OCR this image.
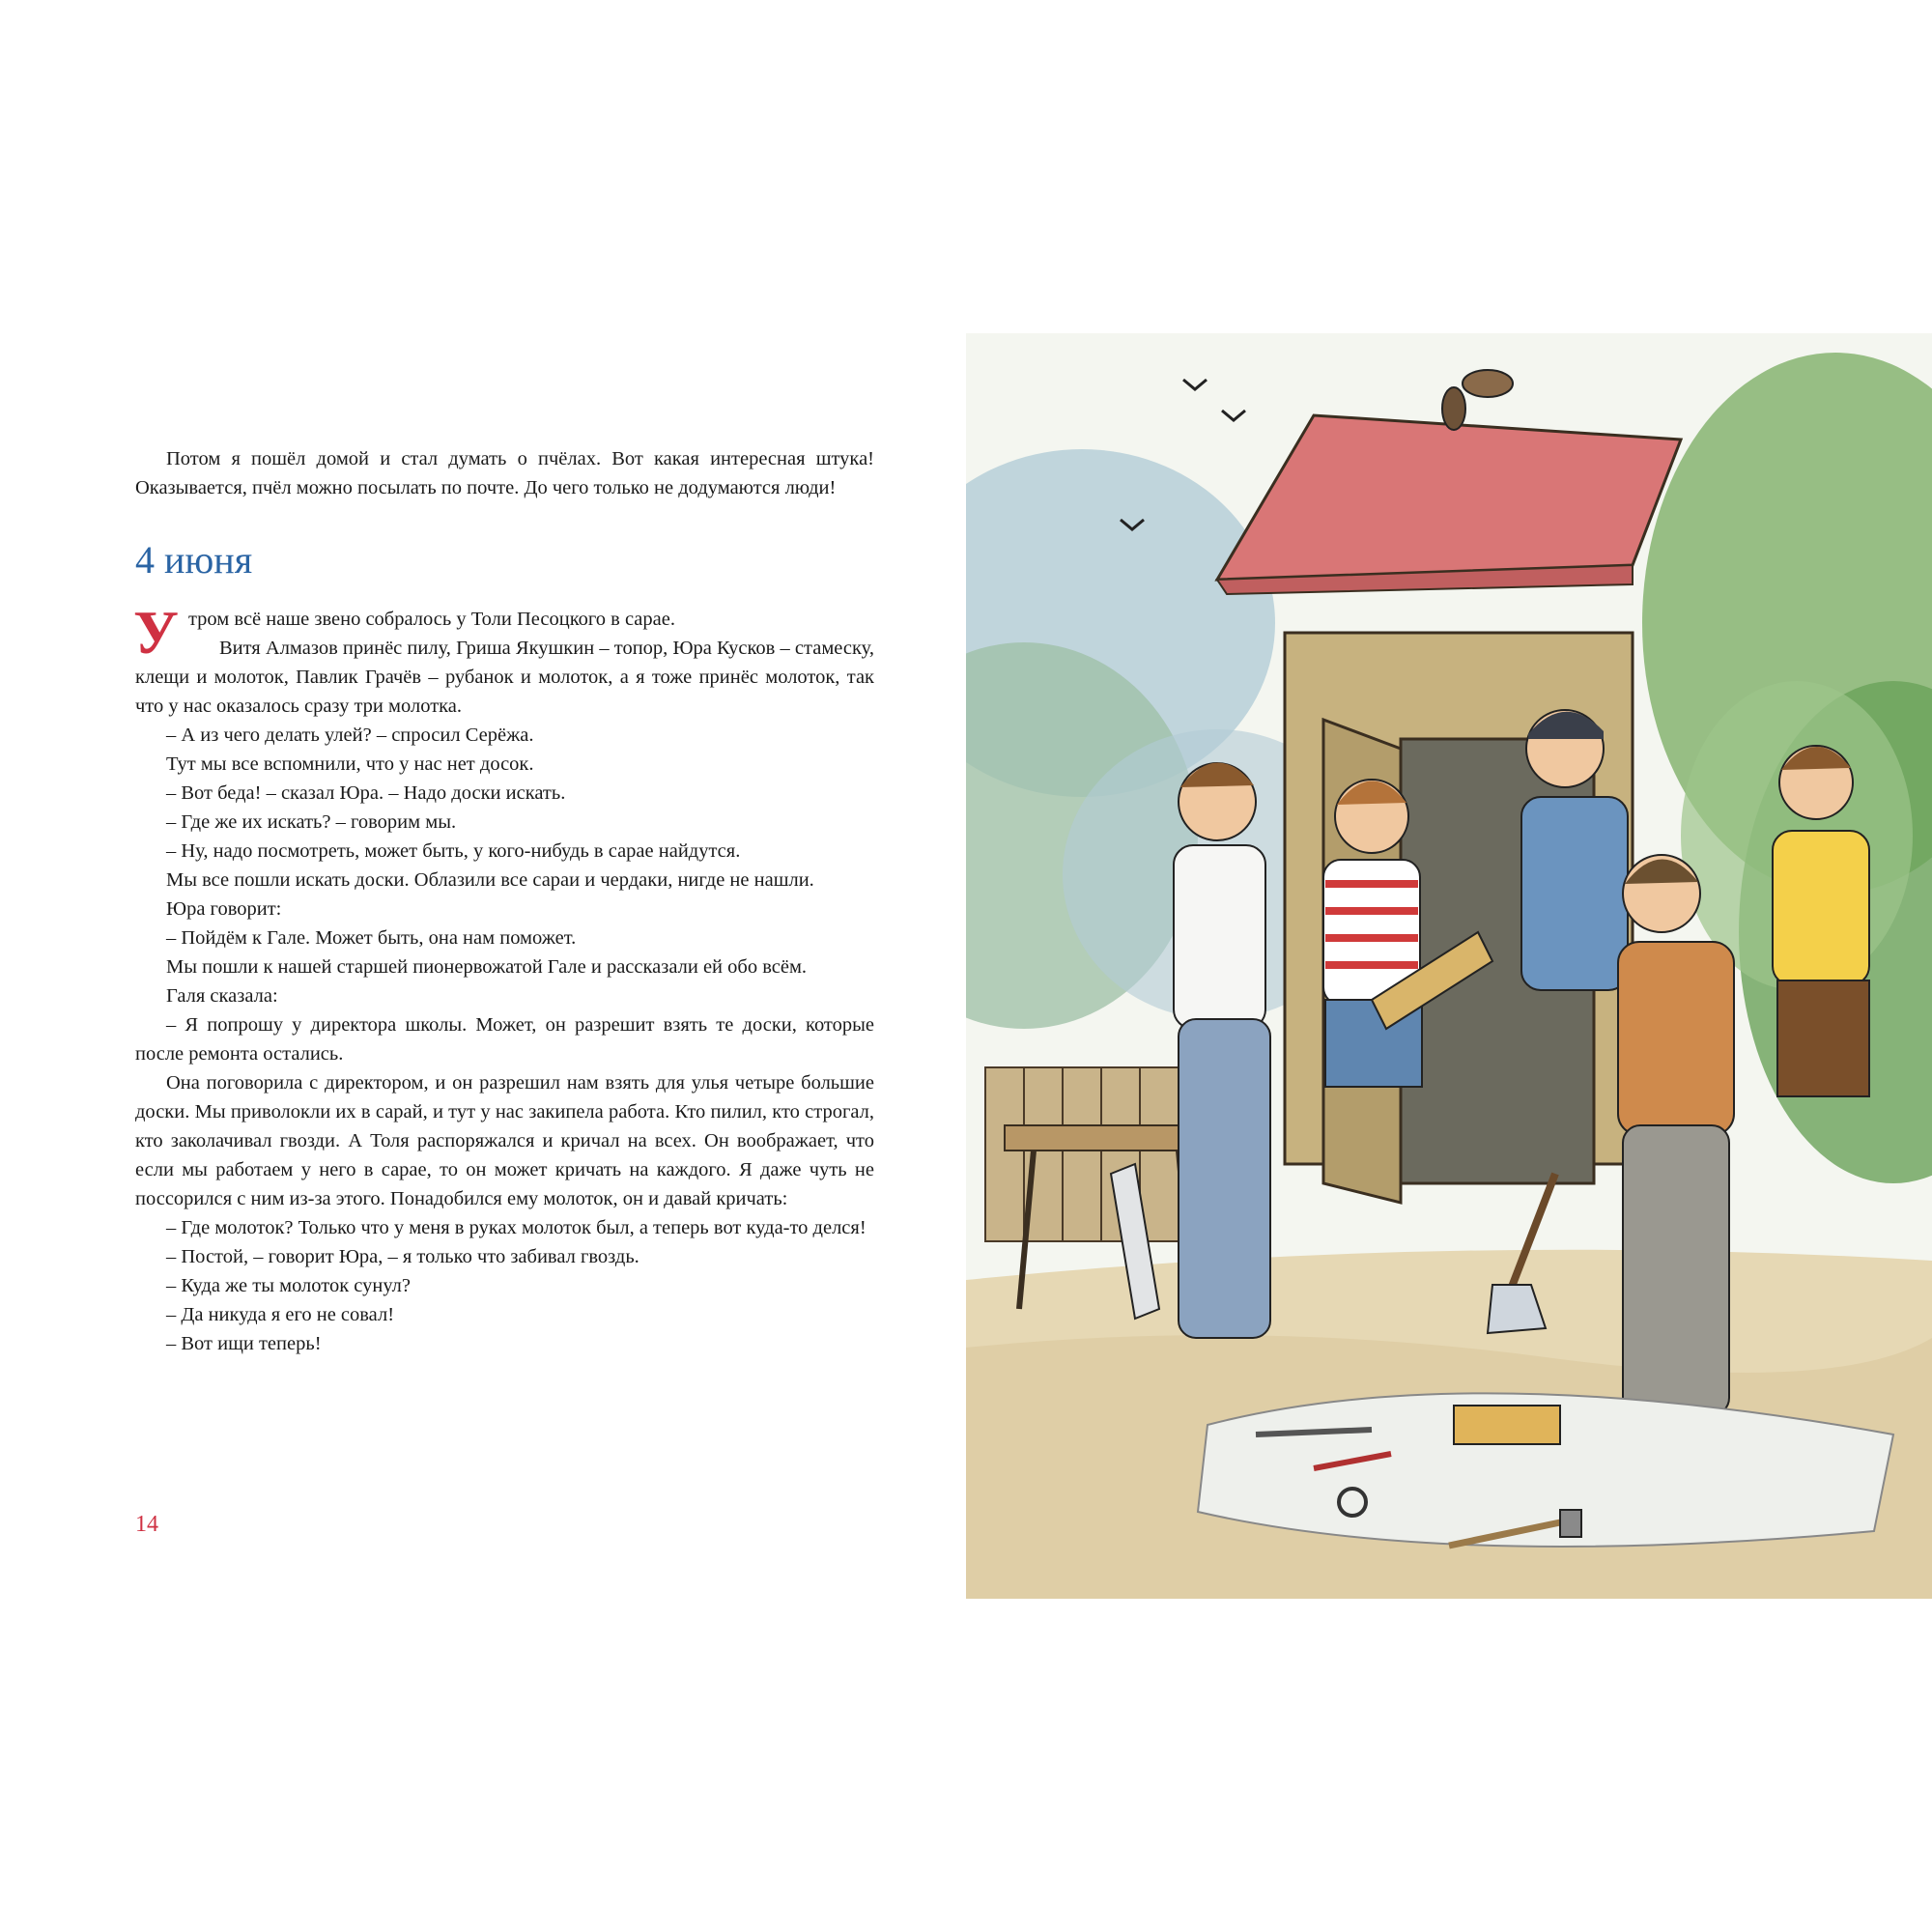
Потом я пошёл домой и стал думать о пчёлах. Вот какая интересная штука! Оказывается, пчёл можно посылать по почте. До чего только не додумаются люди!

4 июня

Утром всё наше звено собралось у Толи Песоцкого в сарае.

Витя Алмазов принёс пилу, Гриша Якушкин – топор, Юра Кусков – стамеску, клещи и молоток, Павлик Грачёв – рубанок и молоток, а я тоже принёс молоток, так что у нас оказалось сразу три молотка.

– А из чего делать улей? – спросил Серёжа.

Тут мы все вспомнили, что у нас нет досок.

– Вот беда! – сказал Юра. – Надо доски искать.

– Где же их искать? – говорим мы.

– Ну, надо посмотреть, может быть, у кого-нибудь в сарае найдутся.

Мы все пошли искать доски. Облазили все сараи и чердаки, нигде не нашли.

Юра говорит:

– Пойдём к Гале. Может быть, она нам поможет.

Мы пошли к нашей старшей пионервожатой Гале и рассказали ей обо всём.

Галя сказала:

– Я попрошу у директора школы. Может, он разрешит взять те доски, которые после ремонта остались.

Она поговорила с директором, и он разрешил нам взять для улья четыре большие доски. Мы приволокли их в сарай, и тут у нас закипела работа. Кто пилил, кто строгал, кто заколачивал гвозди. А Толя распоряжался и кричал на всех. Он воображает, что если мы работаем у него в сарае, то он может кричать на каждого. Я даже чуть не поссорился с ним из-за этого. Понадобился ему молоток, он и давай кричать:

– Где молоток? Только что у меня в руках молоток был, а теперь вот куда-то делся!

– Постой, – говорит Юра, – я только что забивал гвоздь.

– Куда же ты молоток сунул?

– Да никуда я его не совал!

– Вот ищи теперь!

14
